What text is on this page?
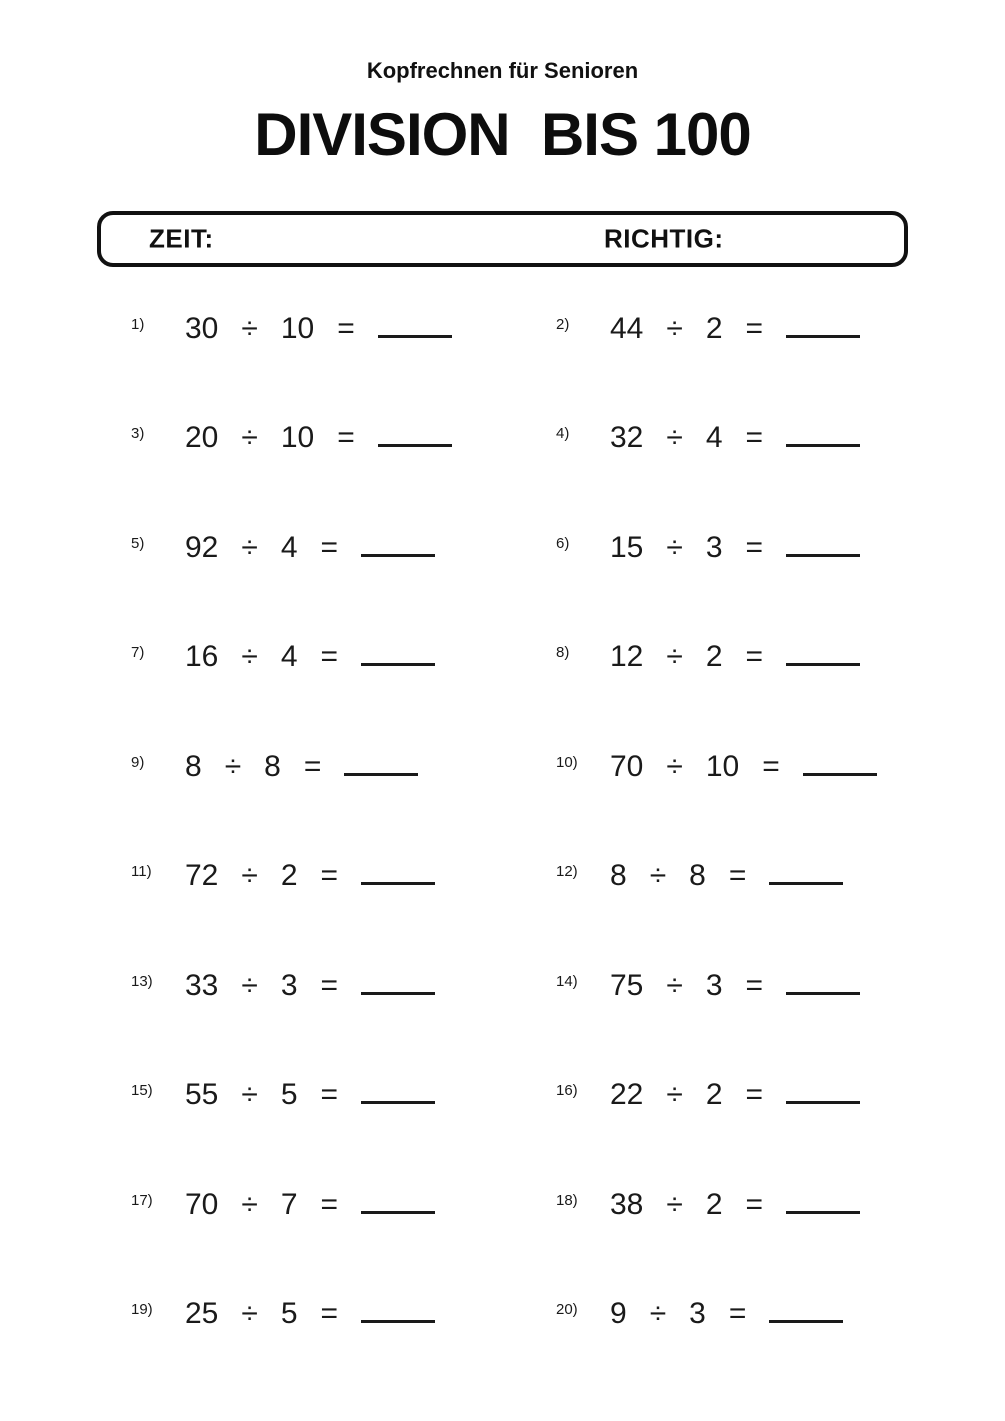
Kopfrechnen für Senioren
DIVISION  BIS 100
ZEIT:	RICHTIG:
1)	30 ÷ 10 =	2)	44 ÷ 2 =
3)	20 ÷ 10 =	4)	32 ÷ 4 =
5)	92 ÷ 4 =	6)	15 ÷ 3 =
7)	16 ÷ 4 =	8)	12 ÷ 2 =
9)	8 ÷ 8 =	10)	70 ÷ 10 =
11)	72 ÷ 2 =	12)	8 ÷ 8 =
13)	33 ÷ 3 =	14)	75 ÷ 3 =
15)	55 ÷ 5 =	16)	22 ÷ 2 =
17)	70 ÷ 7 =	18)	38 ÷ 2 =
19)	25 ÷ 5 =	20)	9 ÷ 3 =
